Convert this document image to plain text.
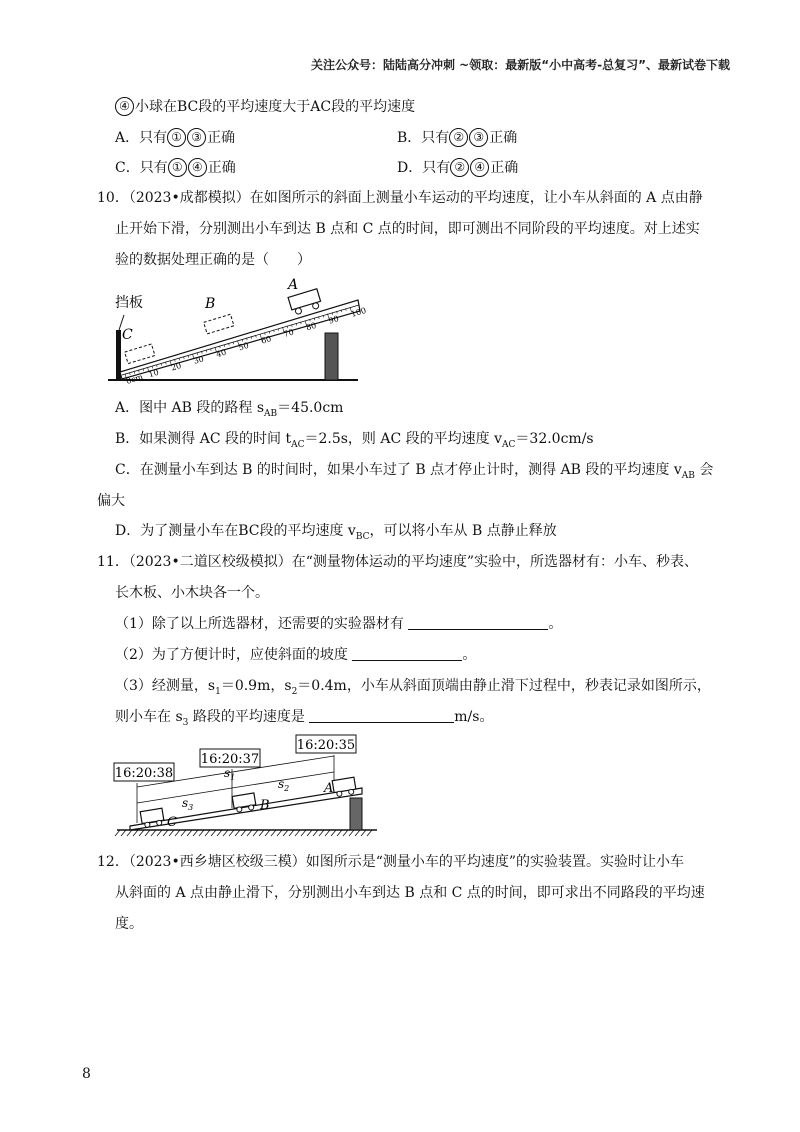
关注公众号：陆陆高分冲刺 ~领取：最新版“小中高考-总复习”、最新试卷下载
④ 小球在BC段的平均速度大于AC段的平均速度
A．只有 ① ③ 正确	B．只有 ② ③ 正确
C．只有 ① ④ 正确	D．只有 ② ④ 正确
10．（2023•成都模拟）在如图所示的斜面上测量小车运动的平均速度，让小车从斜面的 A 点由静
止开始下滑，分别测出小车到达 B 点和 C 点的时间，即可测出不同阶段的平均速度。对上述实
验的数据处理正确的是（　　）
挡板
0cm 10
20
30
40
50
60
70
80
90
100
C
B
A
A．图中 AB 段的路程 $s_{AB}=45.0cm$
B．如果测得 AC 段的时间 $t_{AC}=2.5s$，则 AC 段的平均速度 $v_{AC}=32.0cm/s$
C．在测量小车到达 B 的时间时，如果小车过了 B 点才停止计时，测得 AB 段的平均速度 $v_{AB}$ 会
偏大
D．为了测量小车在BC段的平均速度 $v_{BC}$，可以将小车从 B 点静止释放
11．（2023•二道区校级模拟）在“测量物体运动的平均速度”实验中，所选器材有：小车、秒表、
长木板、小木块各一个。
（1）除了以上所选器材，还需要的实验器材有	。
（2）为了方便计时，应使斜面的坡度	。
（3）经测量，$s_1=0.9m$，$s_2=0.4m$，小车从斜面顶端由静止滑下过程中，秒表记录如图所示，
则小车在 $s_3$ 路段的平均速度是	m/s。
16:20:38
16:20:37
16:20:35
$s_1$	$s_2$
$s_3$
C
B
A
12．（2023•西乡塘区校级三模）如图所示是“测量小车的平均速度”的实验装置。实验时让小车
从斜面的 A 点由静止滑下，分别测出小车到达 B 点和 C 点的时间，即可求出不同路段的平均速
度。
8
